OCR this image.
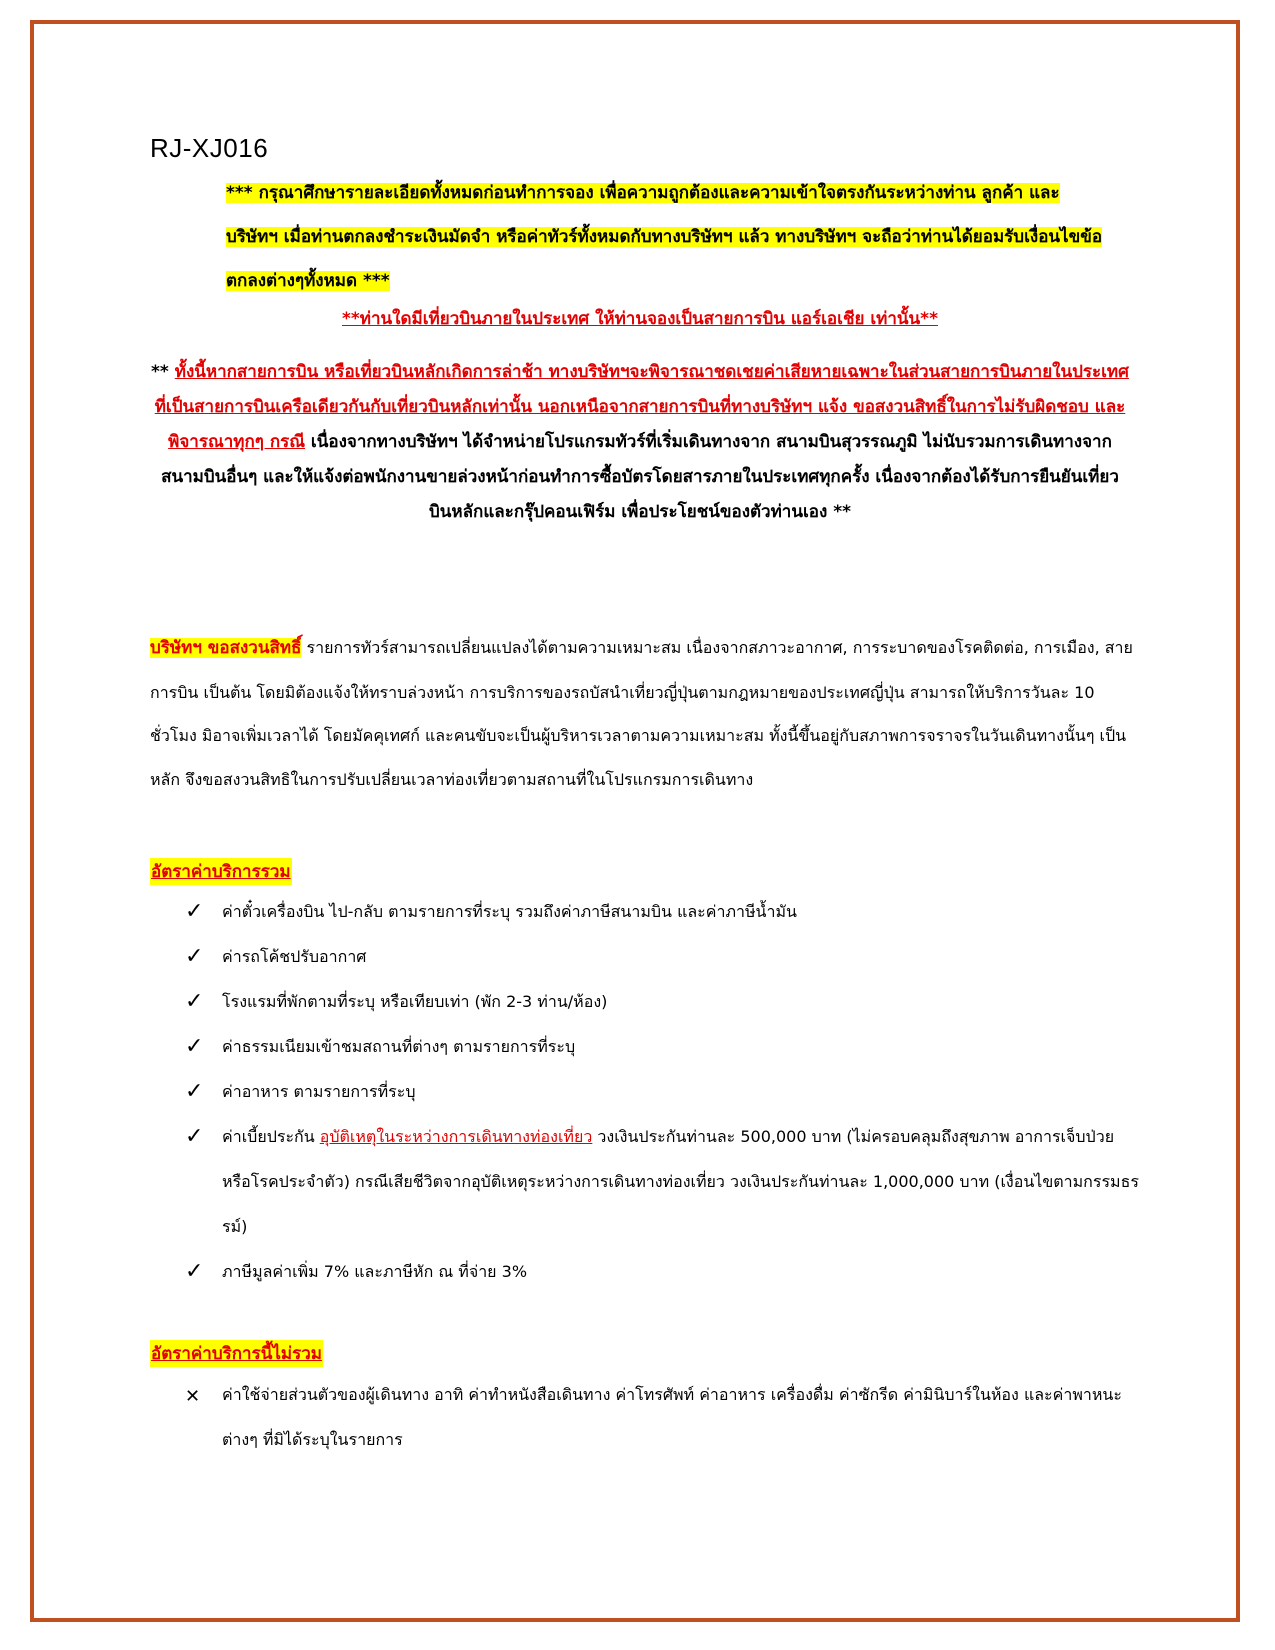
RJ-XJ016
*** กรุณาศึกษารายละเอียดทั้งหมดก่อนทำการจอง เพื่อความถูกต้องและความเข้าใจตรงกันระหว่างท่าน ลูกค้า และบริษัทฯ เมื่อท่านตกลงชำระเงินมัดจำ หรือค่าทัวร์ทั้งหมดกับทางบริษัทฯ แล้ว ทางบริษัทฯ จะถือว่าท่านได้ยอมรับเงื่อนไขข้อตกลงต่างๆทั้งหมด ***
**ท่านใดมีเที่ยวบินภายในประเทศ ให้ท่านจองเป็นสายการบิน แอร์เอเชีย เท่านั้น**
** ทั้งนี้หากสายการบิน หรือเที่ยวบินหลักเกิดการล่าช้า ทางบริษัทฯจะพิจารณาชดเชยค่าเสียหายเฉพาะในส่วนสายการบินภายในประเทศที่เป็นสายการบินเครือเดียวกันกับเที่ยวบินหลักเท่านั้น นอกเหนือจากสายการบินที่ทางบริษัทฯ แจ้ง ขอสงวนสิทธิ์ในการไม่รับผิดชอบ และพิจารณาทุกๆ กรณี เนื่องจากทางบริษัทฯ ได้จำหน่ายโปรแกรมทัวร์ที่เริ่มเดินทางจาก สนามบินสุวรรณภูมิ ไม่นับรวมการเดินทางจากสนามบินอื่นๆ และให้แจ้งต่อพนักงานขายล่วงหน้าก่อนทำการซื้อบัตรโดยสารภายในประเทศทุกครั้ง เนื่องจากต้องได้รับการยืนยันเที่ยวบินหลักและกรุ๊ปคอนเฟิร์ม เพื่อประโยชน์ของตัวท่านเอง **
บริษัทฯ ขอสงวนสิทธิ์ รายการทัวร์สามารถเปลี่ยนแปลงได้ตามความเหมาะสม เนื่องจากสภาวะอากาศ, การระบาดของโรคติดต่อ, การเมือง, สายการบิน เป็นต้น โดยมิต้องแจ้งให้ทราบล่วงหน้า การบริการของรถบัสนำเที่ยวญี่ปุ่นตามกฎหมายของประเทศญี่ปุ่น สามารถให้บริการวันละ 10 ชั่วโมง มิอาจเพิ่มเวลาได้ โดยมัคคุเทศก์ และคนขับจะเป็นผู้บริหารเวลาตามความเหมาะสม ทั้งนี้ขึ้นอยู่กับสภาพการจราจรในวันเดินทางนั้นๆ เป็นหลัก จึงขอสงวนสิทธิในการปรับเปลี่ยนเวลาท่องเที่ยวตามสถานที่ในโปรแกรมการเดินทาง
อัตราค่าบริการรวม
✓ ค่าตั๋วเครื่องบิน ไป-กลับ ตามรายการที่ระบุ รวมถึงค่าภาษีสนามบิน และค่าภาษีน้ำมัน
✓ ค่ารถโค้ชปรับอากาศ
✓ โรงแรมที่พักตามที่ระบุ หรือเทียบเท่า (พัก 2-3 ท่าน/ห้อง)
✓ ค่าธรรมเนียมเข้าชมสถานที่ต่างๆ ตามรายการที่ระบุ
✓ ค่าอาหาร ตามรายการที่ระบุ
✓ ค่าเบี้ยประกัน อุบัติเหตุในระหว่างการเดินทางท่องเที่ยว วงเงินประกันท่านละ 500,000 บาท (ไม่ครอบคลุมถึงสุขภาพ อาการเจ็บป่วย หรือโรคประจำตัว) กรณีเสียชีวิตจากอุบัติเหตุระหว่างการเดินทางท่องเที่ยว วงเงินประกันท่านละ 1,000,000 บาท (เงื่อนไขตามกรรมธรรม์)
✓ ภาษีมูลค่าเพิ่ม 7% และภาษีหัก ณ ที่จ่าย 3%
อัตราค่าบริการนี้ไม่รวม
✕ ค่าใช้จ่ายส่วนตัวของผู้เดินทาง อาทิ ค่าทำหนังสือเดินทาง ค่าโทรศัพท์ ค่าอาหาร เครื่องดื่ม ค่าซักรีด ค่ามินิบาร์ในห้อง และค่าพาหนะต่างๆ ที่มิได้ระบุในรายการ
